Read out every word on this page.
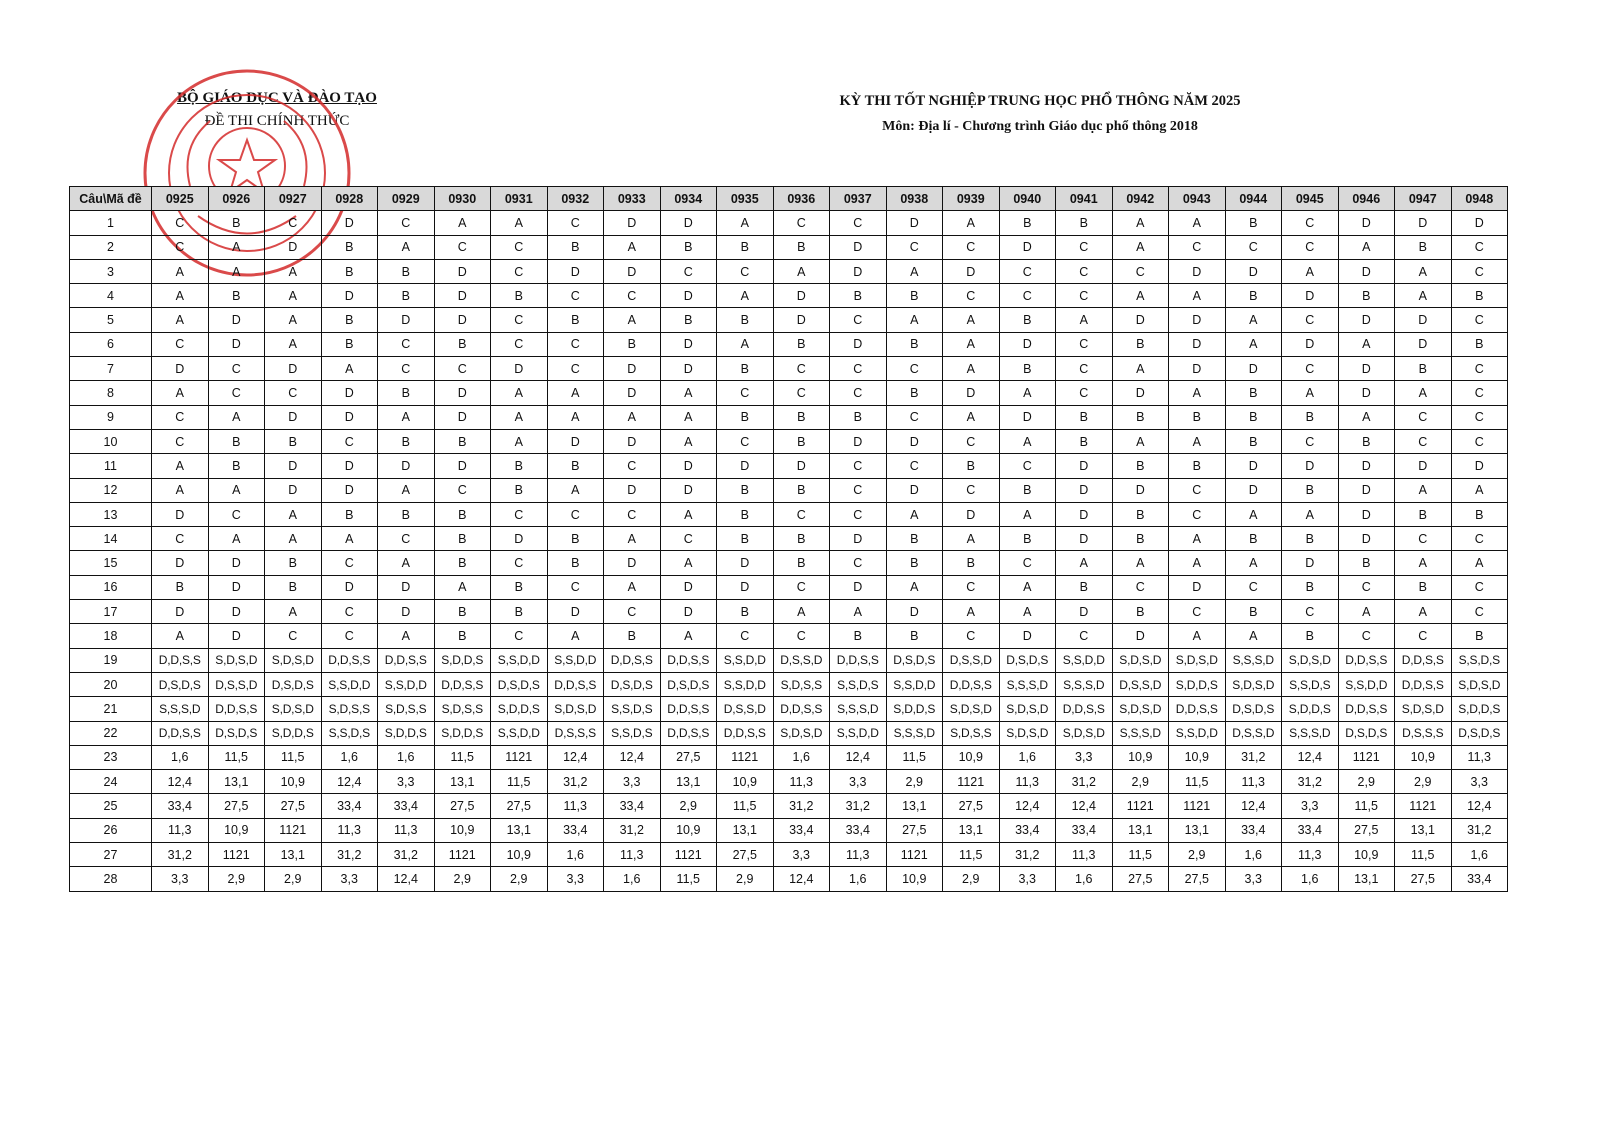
BỘ GIÁO DỤC VÀ ĐÀO TẠO
ĐỀ THI CHÍNH THỨC
KỲ THI TỐT NGHIỆP TRUNG HỌC PHỔ THÔNG NĂM 2025
Môn: Địa lí - Chương trình Giáo dục phổ thông 2018
Câu\Mã đề	0925	0926	0927	0928	0929	0930	0931	0932	0933	0934	0935	0936	0937	0938	0939	0940	0941	0942	0943	0944	0945	0946	0947	0948
1	C	B	C	D	C	A	A	C	D	D	A	C	C	D	A	B	B	A	A	B	C	D	D	D
2	C	A	D	B	A	C	C	B	A	B	B	B	D	C	C	D	C	A	C	C	C	A	B	C
3	A	A	A	B	B	D	C	D	D	C	C	A	D	A	D	C	C	C	D	D	A	D	A	C
4	A	B	A	D	B	D	B	C	C	D	A	D	B	B	C	C	C	A	A	B	D	B	A	B
5	A	D	A	B	D	D	C	B	A	B	B	D	C	A	A	B	A	D	D	A	C	D	D	C
6	C	D	A	B	C	B	C	C	B	D	A	B	D	B	A	D	C	B	D	A	D	A	D	B
7	D	C	D	A	C	C	D	C	D	D	B	C	C	C	A	B	C	A	D	D	C	D	B	C
8	A	C	C	D	B	D	A	A	D	A	C	C	C	B	D	A	C	D	A	B	A	D	A	C
9	C	A	D	D	A	D	A	A	A	A	B	B	B	C	A	D	B	B	B	B	B	A	C	C
10	C	B	B	C	B	B	A	D	D	A	C	B	D	D	C	A	B	A	A	B	C	B	C	C
11	A	B	D	D	D	D	B	B	C	D	D	D	C	C	B	C	D	B	B	D	D	D	D	D
12	A	A	D	D	A	C	B	A	D	D	B	B	C	D	C	B	D	D	C	D	B	D	A	A
13	D	C	A	B	B	B	C	C	C	A	B	C	C	A	D	A	D	B	C	A	A	D	B	B
14	C	A	A	A	C	B	D	B	A	C	B	B	D	B	A	B	D	B	A	B	B	D	C	C
15	D	D	B	C	A	B	C	B	D	A	D	B	C	B	B	C	A	A	A	A	D	B	A	A
16	B	D	B	D	D	A	B	C	A	D	D	C	D	A	C	A	B	C	D	C	B	C	B	C
17	D	D	A	C	D	B	B	D	C	D	B	A	A	D	A	A	D	B	C	B	C	A	A	C
18	A	D	C	C	A	B	C	A	B	A	C	C	B	B	C	D	C	D	A	A	B	C	C	B
19	D,D,S,S	S,D,S,D	S,D,S,D	D,D,S,S	D,D,S,S	S,D,D,S	S,S,D,D	S,S,D,D	D,D,S,S	D,D,S,S	S,S,D,D	D,S,S,D	D,D,S,S	D,S,D,S	D,S,S,D	D,S,D,S	S,S,D,D	S,D,S,D	S,D,S,D	S,S,S,D	S,D,S,D	D,D,S,S	D,D,S,S	S,S,D,S
20	D,S,D,S	D,S,S,D	D,S,D,S	S,S,D,D	S,S,D,D	D,D,S,S	D,S,D,S	D,D,S,S	D,S,D,S	D,S,D,S	S,S,D,D	S,D,S,S	S,S,D,S	S,S,D,D	D,D,S,S	S,S,S,D	S,S,S,D	D,S,S,D	S,D,D,S	S,D,S,D	S,S,D,S	S,S,D,D	D,D,S,S	S,D,S,D
21	S,S,S,D	D,D,S,S	S,D,S,D	S,D,S,S	S,D,S,S	S,D,S,S	S,D,D,S	S,D,S,D	S,S,D,S	D,D,S,S	D,S,S,D	D,D,S,S	S,S,S,D	S,D,D,S	S,D,S,D	S,D,S,D	D,D,S,S	S,D,S,D	D,D,S,S	D,S,D,S	S,D,D,S	D,D,S,S	S,D,S,D	S,D,D,S
22	D,D,S,S	D,S,D,S	S,D,D,S	S,S,D,S	S,D,D,S	S,D,D,S	S,S,D,D	D,S,S,S	S,S,D,S	D,D,S,S	D,D,S,S	S,D,S,D	S,S,D,D	S,S,S,D	S,D,S,S	S,D,S,D	S,D,S,D	S,S,S,D	S,S,D,D	D,S,S,D	S,S,S,D	D,S,D,S	D,S,S,S	D,S,D,S
23	1,6	11,5	11,5	1,6	1,6	11,5	1121	12,4	12,4	27,5	1121	1,6	12,4	11,5	10,9	1,6	3,3	10,9	10,9	31,2	12,4	1121	10,9	11,3
24	12,4	13,1	10,9	12,4	3,3	13,1	11,5	31,2	3,3	13,1	10,9	11,3	3,3	2,9	1121	11,3	31,2	2,9	11,5	11,3	31,2	2,9	2,9	3,3
25	33,4	27,5	27,5	33,4	33,4	27,5	27,5	11,3	33,4	2,9	11,5	31,2	31,2	13,1	27,5	12,4	12,4	1121	1121	12,4	3,3	11,5	1121	12,4
26	11,3	10,9	1121	11,3	11,3	10,9	13,1	33,4	31,2	10,9	13,1	33,4	33,4	27,5	13,1	33,4	33,4	13,1	13,1	33,4	33,4	27,5	13,1	31,2
27	31,2	1121	13,1	31,2	31,2	1121	10,9	1,6	11,3	1121	27,5	3,3	11,3	1121	11,5	31,2	11,3	11,5	2,9	1,6	11,3	10,9	11,5	1,6
28	3,3	2,9	2,9	3,3	12,4	2,9	2,9	3,3	1,6	11,5	2,9	12,4	1,6	10,9	2,9	3,3	1,6	27,5	27,5	3,3	1,6	13,1	27,5	33,4
